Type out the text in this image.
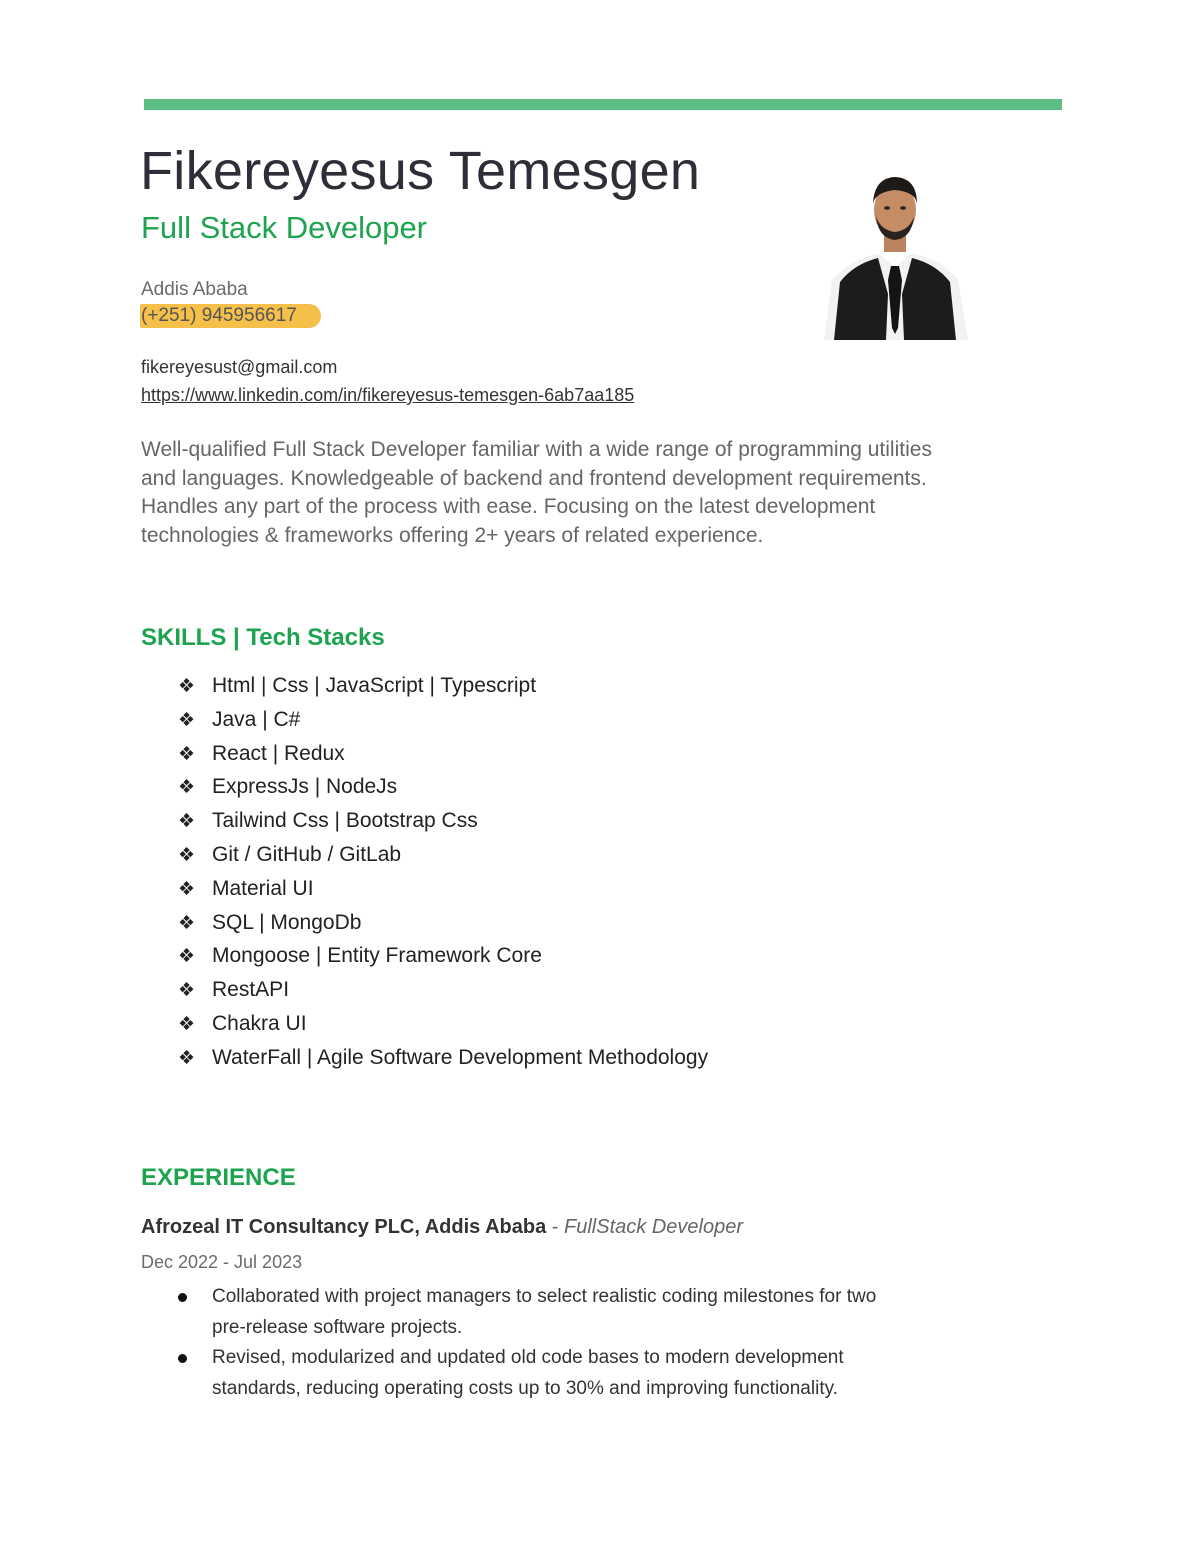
Fikereyesus Temesgen
Full Stack Developer
Addis Ababa
(+251) 945956617
fikereyesust@gmail.com
https://www.linkedin.com/in/fikereyesus-temesgen-6ab7aa185

Well-qualified Full Stack Developer familiar with a wide range of programming utilities and languages. Knowledgeable of backend and frontend development requirements. Handles any part of the process with ease. Focusing on the latest development technologies & frameworks offering 2+ years of related experience.

SKILLS | Tech Stacks
❖ Html | Css | JavaScript | Typescript
❖ Java | C#
❖ React | Redux
❖ ExpressJs | NodeJs
❖ Tailwind Css | Bootstrap Css
❖ Git / GitHub / GitLab
❖ Material UI
❖ SQL | MongoDb
❖ Mongoose | Entity Framework Core
❖ RestAPI
❖ Chakra UI
❖ WaterFall | Agile Software Development Methodology
EXPERIENCE
Afrozeal IT Consultancy PLC, Addis Ababa - FullStack Developer
Dec 2022 - Jul 2023
Collaborated with project managers to select realistic coding milestones for two pre-release software projects.
Revised, modularized and updated old code bases to modern development standards, reducing operating costs up to 30% and improving functionality.
